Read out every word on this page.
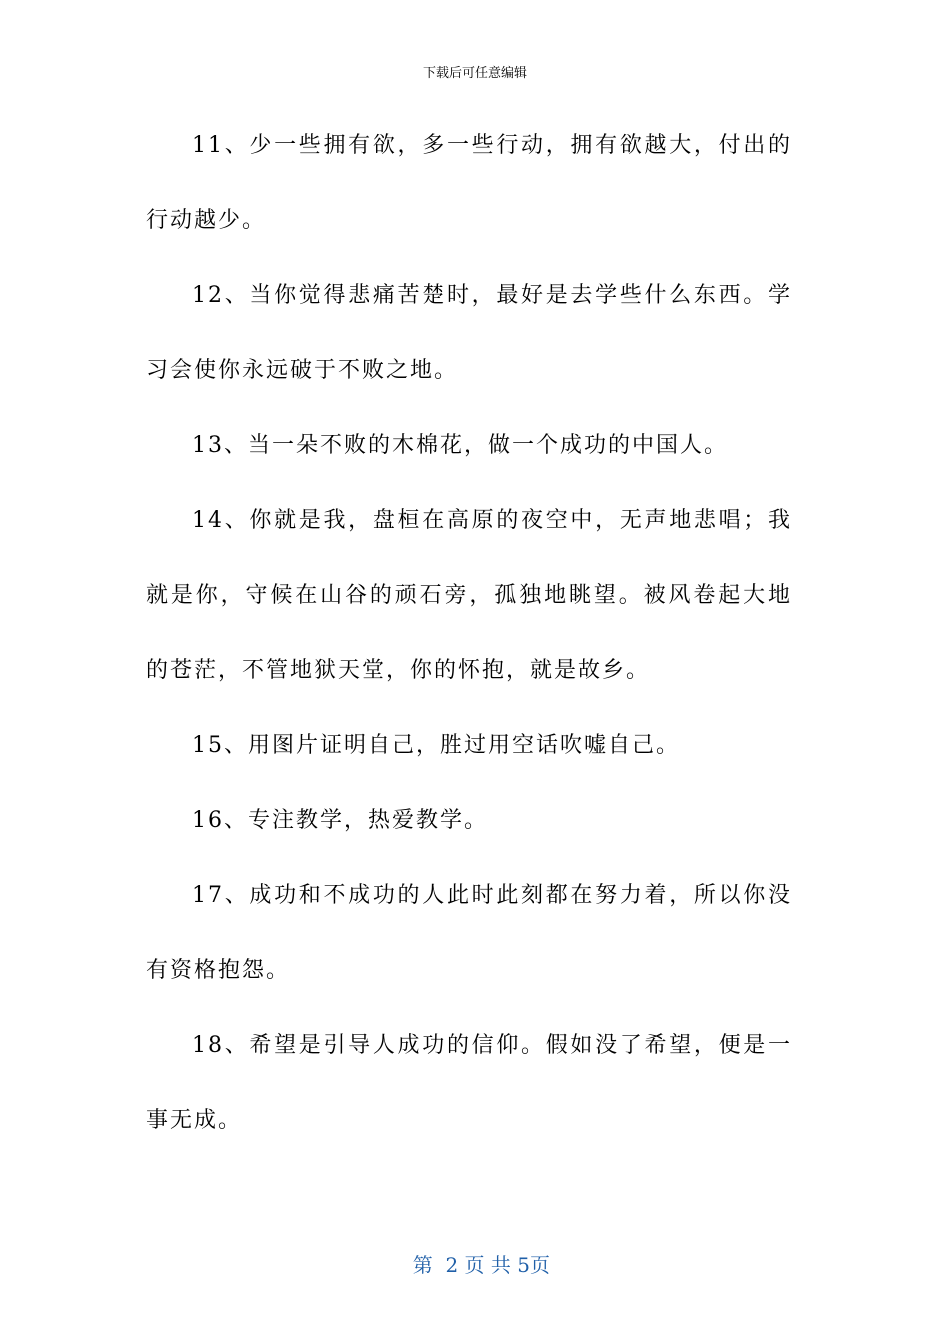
下载后可任意编辑

11、少一些拥有欲，多一些行动，拥有欲越大，付出的行动越少。

12、当你觉得悲痛苦楚时，最好是去学些什么东西。学习会使你永远破于不败之地。

13、当一朵不败的木棉花，做一个成功的中国人。

14、你就是我，盘桓在高原的夜空中，无声地悲唱；我就是你，守候在山谷的顽石旁，孤独地眺望。被风卷起大地的苍茫，不管地狱天堂，你的怀抱，就是故乡。

15、用图片证明自己，胜过用空话吹嘘自己。

16、专注教学，热爱教学。

17、成功和不成功的人此时此刻都在努力着，所以你没有资格抱怨。

18、希望是引导人成功的信仰。假如没了希望，便是一事无成。

第  2 页 共 5页
